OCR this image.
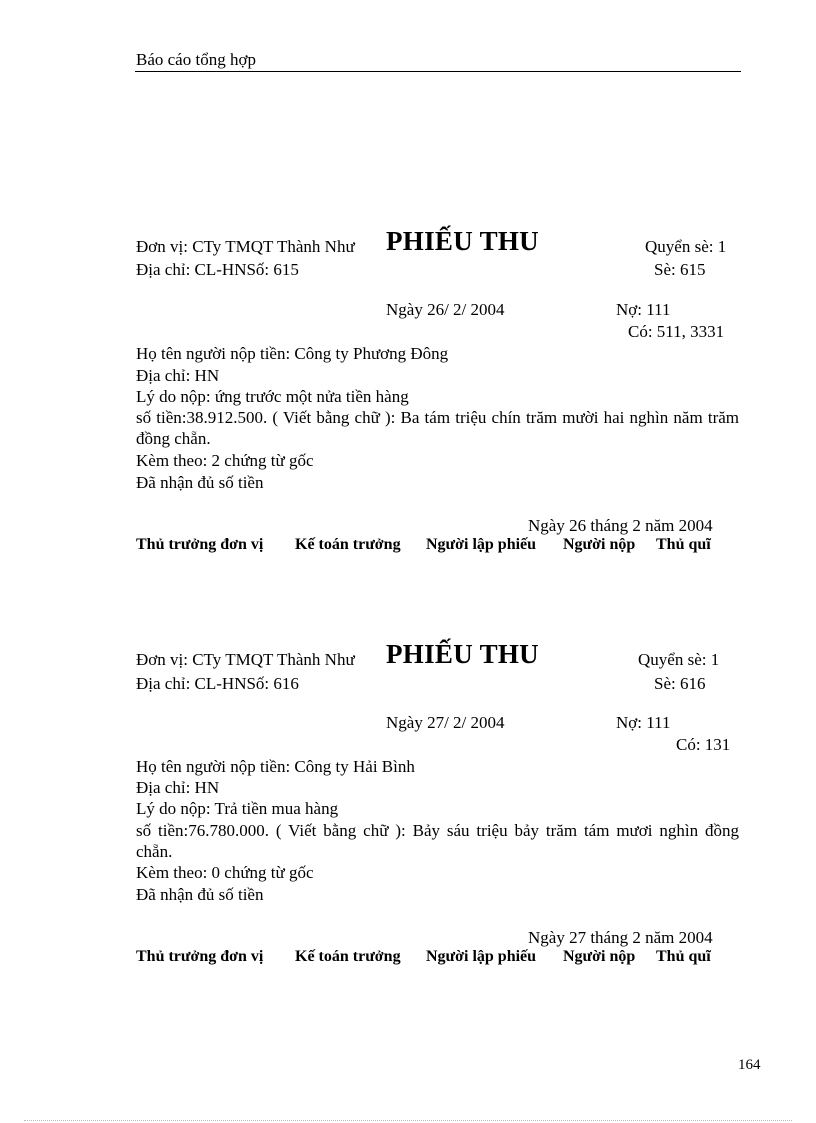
Báo cáo tổng hợp
Đơn vị: CTy TMQT Thành Như PHIẾU THU	Quyển sè: 1
Địa chỉ: CL-HNSố: 615	Sè: 615
Ngày 26/ 2/ 2004	Nợ: 111
Có: 511, 3331
Họ tên người nộp tiền: Công ty Phương Đông
Địa chỉ: HN
Lý do nộp: ứng trước một nửa tiền hàng
số tiền:38.912.500. ( Viết bằng chữ ): Ba tám triệu chín trăm mười hai nghìn năm trăm đồng chẵn.
Kèm theo: 2 chứng từ gốc
Đã nhận đủ số tiền
Ngày 26 tháng 2 năm 2004
Thủ trưởng đơn vị Kế toán trưởng Người lập phiếu Người nộp Thủ quĩ
Đơn vị: CTy TMQT Thành Như PHIẾU THU	Quyển sè: 1
Địa chỉ: CL-HNSố: 616	Sè: 616
Ngày 27/ 2/ 2004	Nợ: 111
Có: 131
Họ tên người nộp tiền: Công ty Hải Bình
Địa chỉ: HN
Lý do nộp: Trả tiền mua hàng
số tiền:76.780.000. ( Viết bằng chữ ): Bảy sáu triệu bảy trăm tám mươi nghìn đồng chẵn.
Kèm theo: 0 chứng từ gốc
Đã nhận đủ số tiền
Ngày 27 tháng 2 năm 2004
Thủ trưởng đơn vị Kế toán trưởng Người lập phiếu Người nộp Thủ quĩ
164
